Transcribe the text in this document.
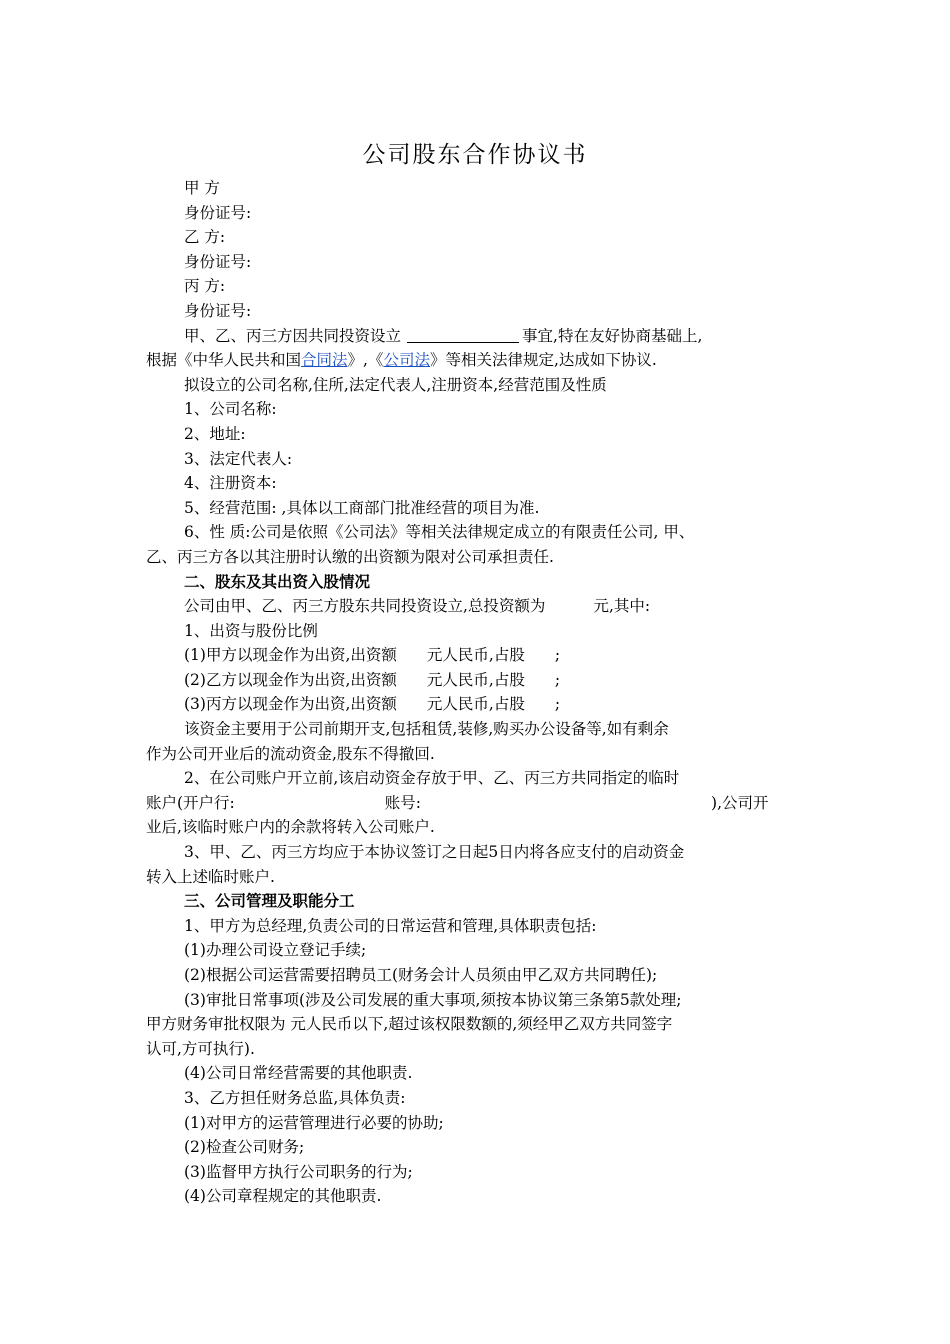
公司股东合作协议书

甲 方

身份证号:

乙 方:

身份证号:

丙 方:

身份证号:

甲、乙、丙三方因共同投资设立	事宜,特在友好协商基础上,

根据《中华人民共和国合同法》,《公司法》等相关法律规定,达成如下协议.

拟设立的公司名称,住所,法定代表人,注册资本,经营范围及性质

1、公司名称:

2、地址:

3、法定代表人:

4、注册资本:

5、经营范围: ,具体以工商部门批准经营的项目为准.

6、性 质:公司是依照《公司法》等相关法律规定成立的有限责任公司, 甲、

乙、丙三方各以其注册时认缴的出资额为限对公司承担责任.

二、股东及其出资入股情况

公司由甲、乙、丙三方股东共同投资设立,总投资额为	元,其中:

1、出资与股份比例

(1)甲方以现金作为出资,出资额 元人民币,占股 ;

(2)乙方以现金作为出资,出资额 元人民币,占股 ;

(3)丙方以现金作为出资,出资额 元人民币,占股 ;

该资金主要用于公司前期开支,包括租赁,装修,购买办公设备等,如有剩余

作为公司开业后的流动资金,股东不得撤回.

2、在公司账户开立前,该启动资金存放于甲、乙、丙三方共同指定的临时

账户(开户行:	账号:	),公司开

业后,该临时账户内的余款将转入公司账户.

3、甲、乙、丙三方均应于本协议签订之日起5日内将各应支付的启动资金

转入上述临时账户.

三、公司管理及职能分工

1、甲方为总经理,负责公司的日常运营和管理,具体职责包括:

(1)办理公司设立登记手续;

(2)根据公司运营需要招聘员工(财务会计人员须由甲乙双方共同聘任);

(3)审批日常事项(涉及公司发展的重大事项,须按本协议第三条第5款处理;

甲方财务审批权限为 元人民币以下,超过该权限数额的,须经甲乙双方共同签字

认可,方可执行).

(4)公司日常经营需要的其他职责.

3、乙方担任财务总监,具体负责:

(1)对甲方的运营管理进行必要的协助;

(2)检查公司财务;

(3)监督甲方执行公司职务的行为;

(4)公司章程规定的其他职责.
